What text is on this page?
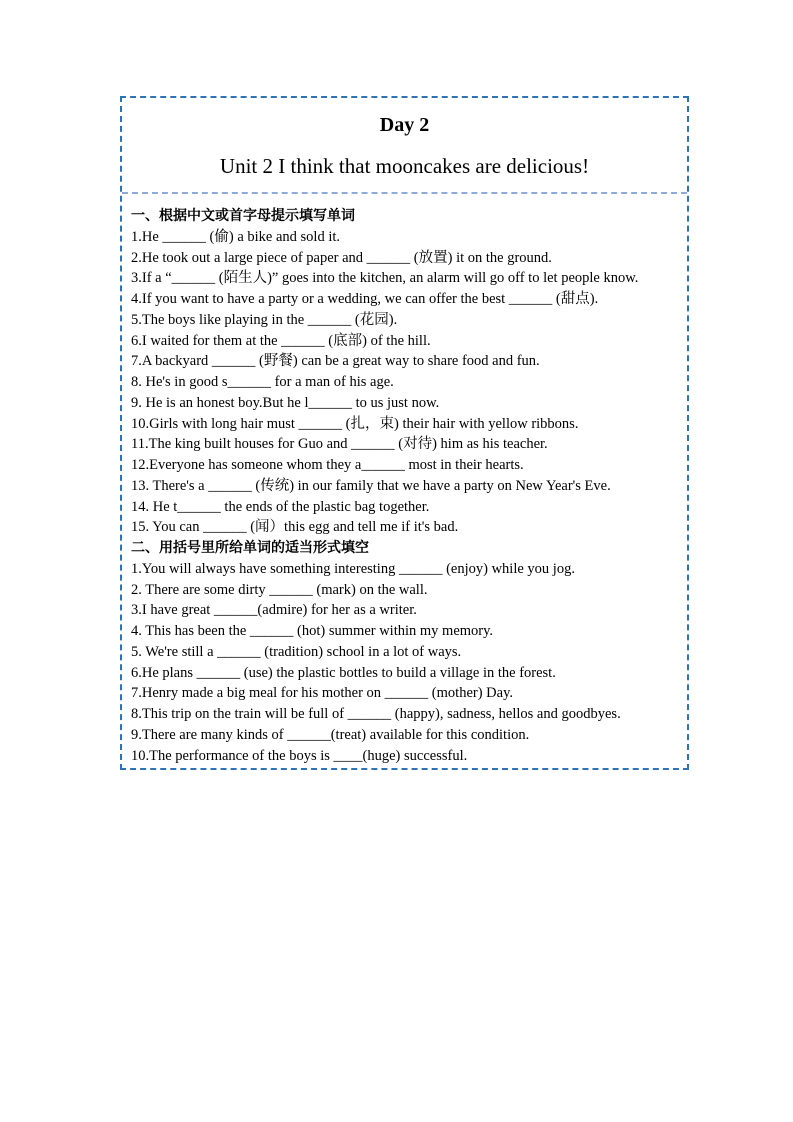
Day 2
Unit 2 I think that mooncakes are delicious!
一、根据中文或首字母提示填写单词
1.He ______ (偷) a bike and sold it.
2.He took out a large piece of paper and ______ (放置) it on the ground.
3.If a “______ (陌生人)” goes into the kitchen, an alarm will go off to let people know.
4.If you want to have a party or a wedding, we can offer the best ______ (甜点).
5.The boys like playing in the ______ (花园).
6.I waited for them at the ______ (底部) of the hill.
7.A backyard ______ (野餐) can be a great way to share food and fun.
8. He's in good s______ for a man of his age.
9. He is an honest boy.But he l______ to us just now.
10.Girls with long hair must ______ (扎，束) their hair with yellow ribbons.
11.The king built houses for Guo and ______ (对待) him as his teacher.
12.Everyone has someone whom they a______ most in their hearts.
13. There's a ______ (传统) in our family that we have a party on New Year's Eve.
14. He t______ the ends of the plastic bag together.
15. You can ______ (闻）this egg and tell me if it's bad.
二、用括号里所给单词的适当形式填空
1.You will always have something interesting ______ (enjoy) while you jog.
2. There are some dirty ______ (mark) on the wall.
3.I have great ______(admire) for her as a writer.
4. This has been the ______ (hot) summer within my memory.
5. We're still a ______ (tradition) school in a lot of ways.
6.He plans ______ (use) the plastic bottles to build a village in the forest.
7.Henry made a big meal for his mother on ______ (mother) Day.
8.This trip on the train will be full of ______ (happy), sadness, hellos and goodbyes.
9.There are many kinds of ______(treat) available for this condition.
10.The performance of the boys is ____(huge) successful.
